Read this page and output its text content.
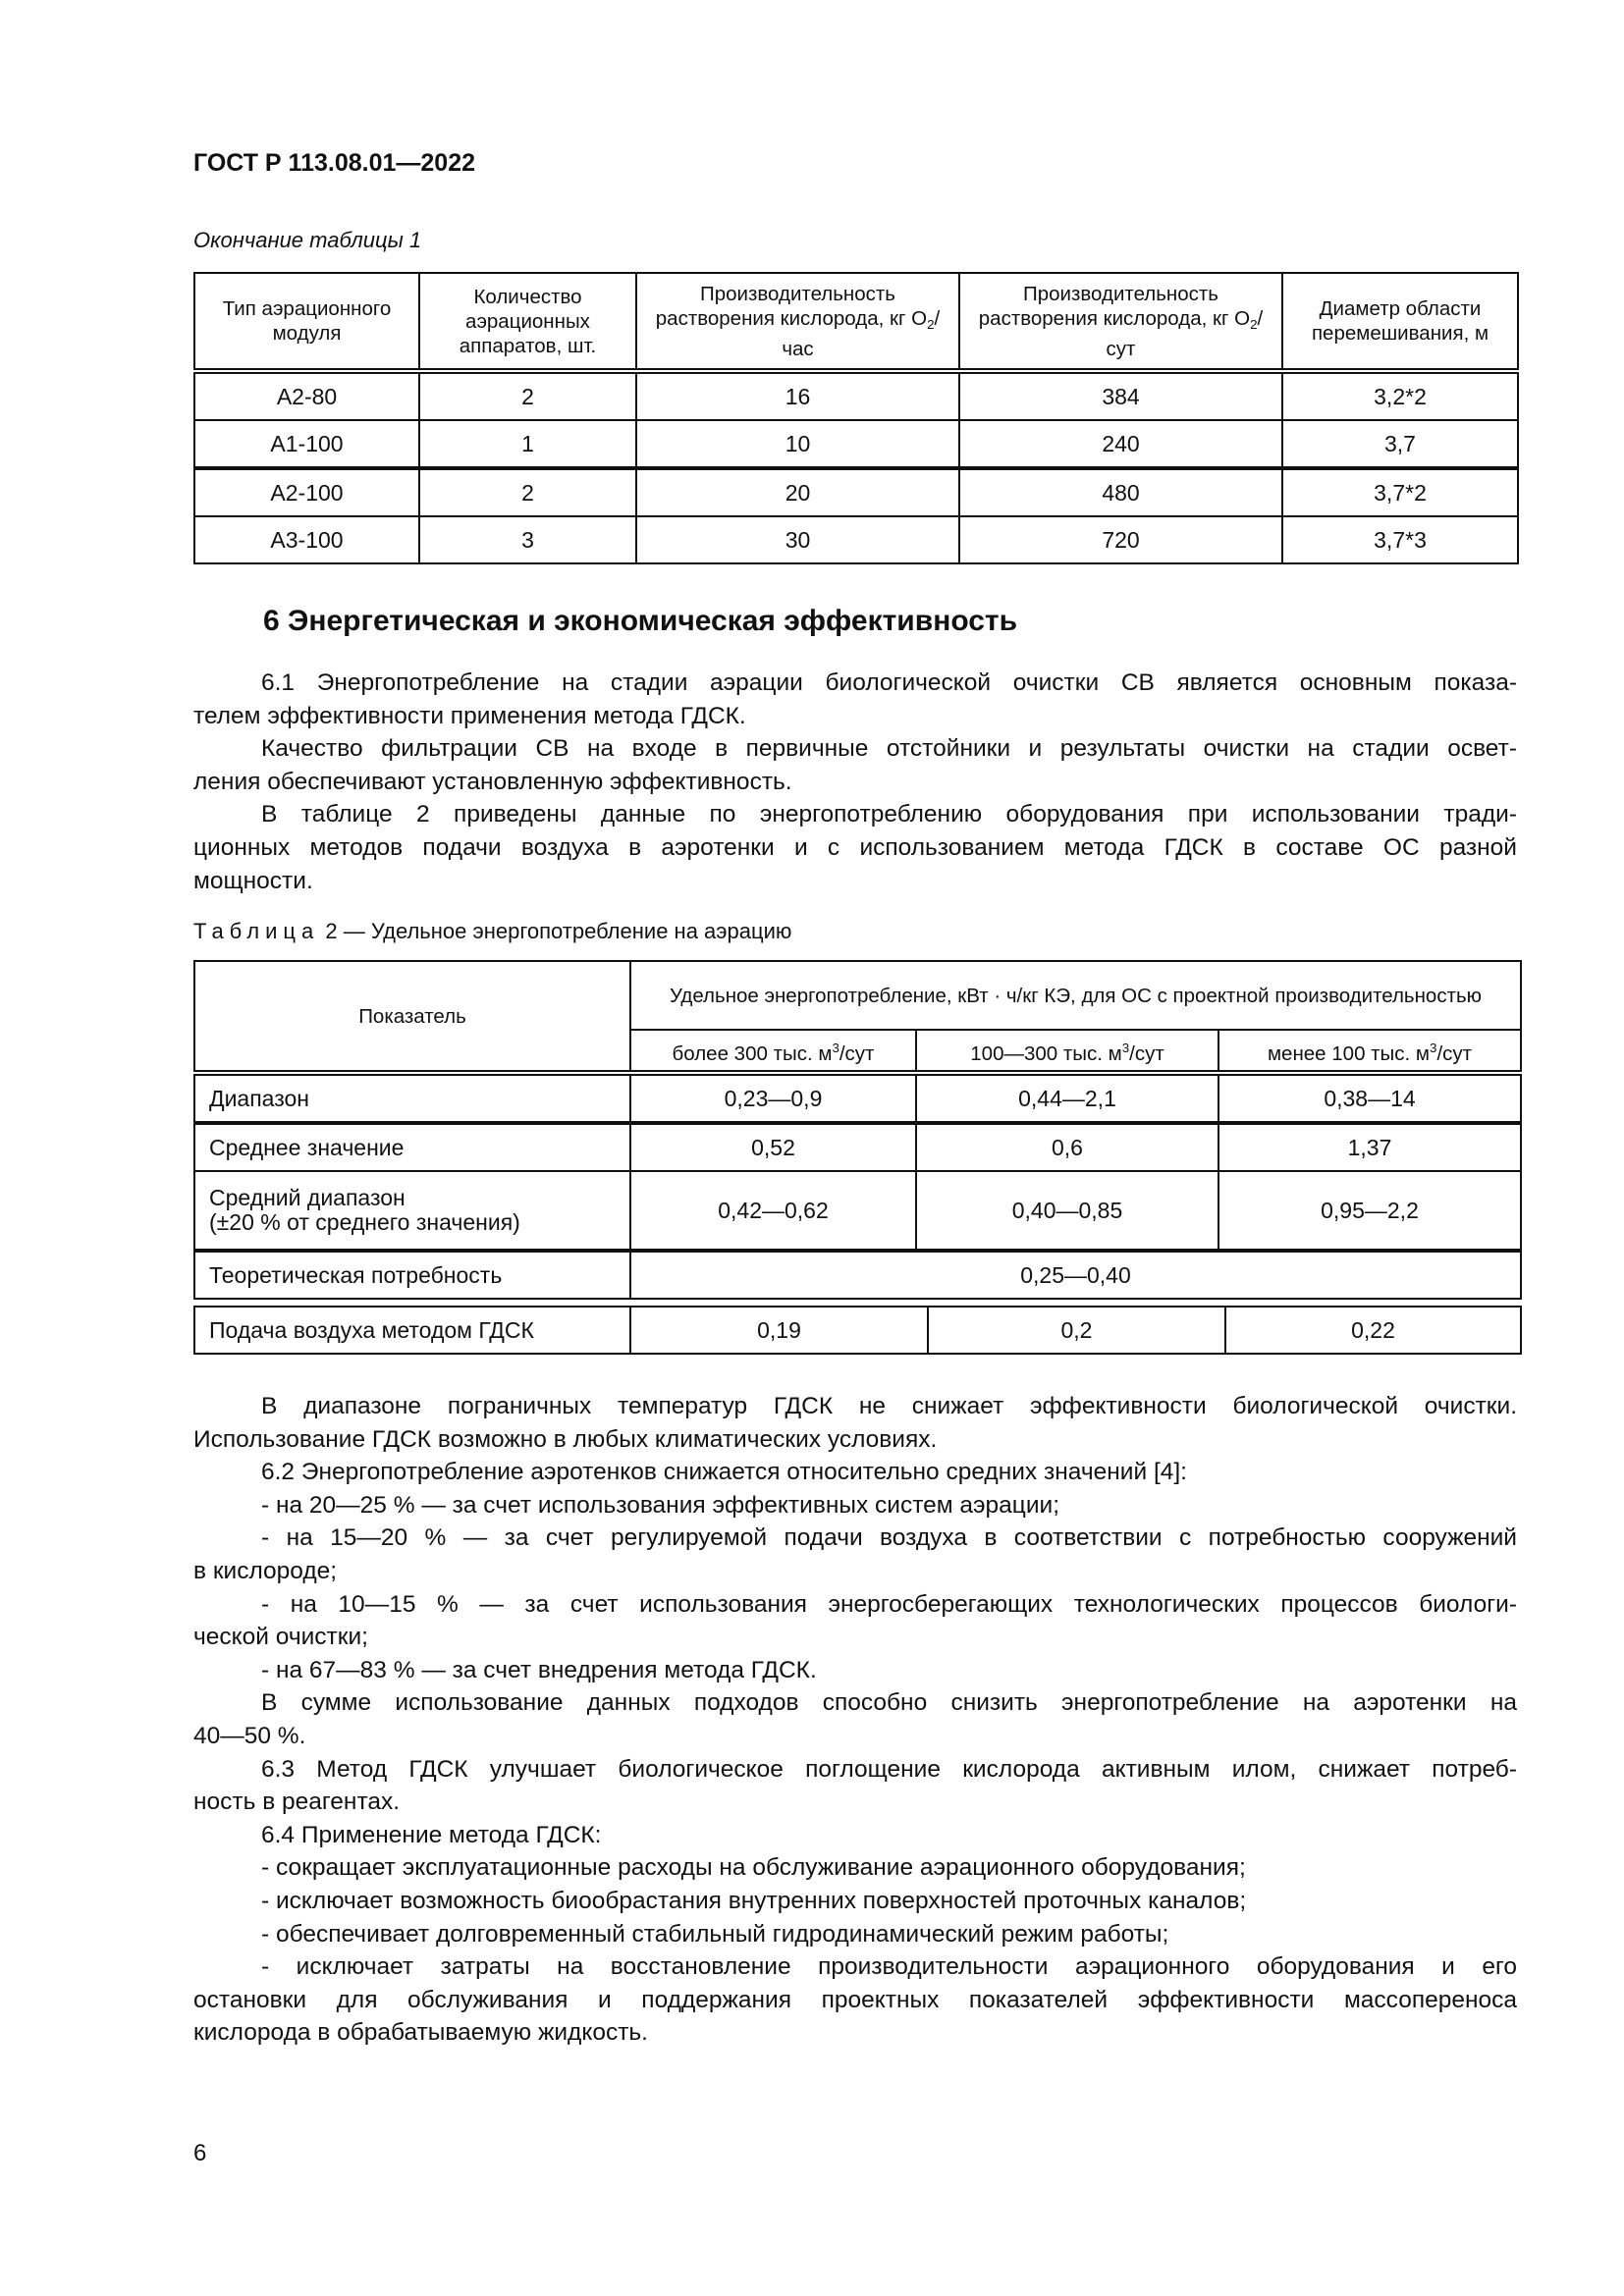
ГОСТ Р 113.08.01—2022
Окончание таблицы 1
Тип аэрационного модуля	Количество аэрационных аппаратов, шт.	Производительность растворения кислорода, кг $O_2$/час	Производительность растворения кислорода, кг $O_2$/сут	Диаметр области перемешивания, м
А2-80	2	16	384	3,2*2
А1-100	1	10	240	3,7
А2-100	2	20	480	3,7*2
А3-100	3	30	720	3,7*3
6 Энергетическая и экономическая эффективность
6.1 Энергопотребление на стадии аэрации биологической очистки СВ является основным показа-
телем эффективности применения метода ГДСК.
Качество фильтрации СВ на входе в первичные отстойники и результаты очистки на стадии освет-
ления обеспечивают установленную эффективность.
В таблице 2 приведены данные по энергопотреблению оборудования при использовании тради-
ционных методов подачи воздуха в аэротенки и с использованием метода ГДСК в составе ОС разной
мощности.
Таблица 2 — Удельное энергопотребление на аэрацию
Показатель	Удельное энергопотребление, кВт · ч/кг КЭ, для ОС с проектной производительностью		
	более 300 тыс. $м^3$/сут	100—300 тыс. $м^3$/сут	менее 100 тыс. $м^3$/сут
Диапазон	0,23—0,9	0,44—2,1	0,38—14
Среднее значение	0,52	0,6	1,37
Средний диапазон
(±20 % от среднего значения)	0,42—0,62	0,40—0,85	0,95—2,2
Теоретическая потребность	0,25—0,40		
Подача воздуха методом ГДСК	0,19	0,2	0,22
В диапазоне пограничных температур ГДСК не снижает эффективности биологической очистки.
Использование ГДСК возможно в любых климатических условиях.
6.2 Энергопотребление аэротенков снижается относительно средних значений [4]:
- на 20—25 % — за счет использования эффективных систем аэрации;
- на 15—20 % — за счет регулируемой подачи воздуха в соответствии с потребностью сооружений
в кислороде;
- на 10—15 % — за счет использования энергосберегающих технологических процессов биологи-
ческой очистки;
- на 67—83 % — за счет внедрения метода ГДСК.
В сумме использование данных подходов способно снизить энергопотребление на аэротенки на
40—50 %.
6.3 Метод ГДСК улучшает биологическое поглощение кислорода активным илом, снижает потреб-
ность в реагентах.
6.4 Применение метода ГДСК:
- сокращает эксплуатационные расходы на обслуживание аэрационного оборудования;
- исключает возможность биообрастания внутренних поверхностей проточных каналов;
- обеспечивает долговременный стабильный гидродинамический режим работы;
- исключает затраты на восстановление производительности аэрационного оборудования и его
остановки для обслуживания и поддержания проектных показателей эффективности массопереноса
кислорода в обрабатываемую жидкость.
6
